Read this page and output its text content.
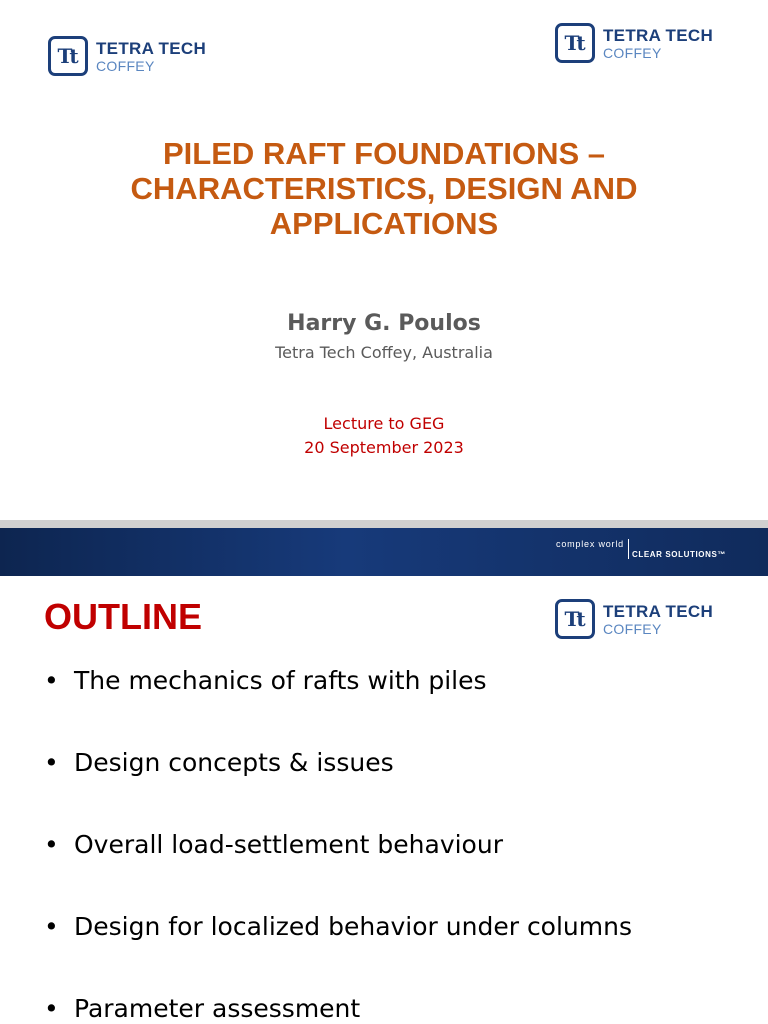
Tt TETRA TECH
COFFEY
Tt TETRA TECH
COFFEY
PILED RAFT FOUNDATIONS –
CHARACTERISTICS, DESIGN AND
APPLICATIONS
Harry G. Poulos
Tetra Tech Coffey, Australia
Lecture to GEG
20 September 2023
complex world
CLEAR SOLUTIONS™
OUTLINE	Tt TETRA TECH
COFFEY
• The mechanics of rafts with piles
• Design concepts & issues
• Overall load-settlement behaviour
• Design for localized behavior under columns
• Parameter assessment
